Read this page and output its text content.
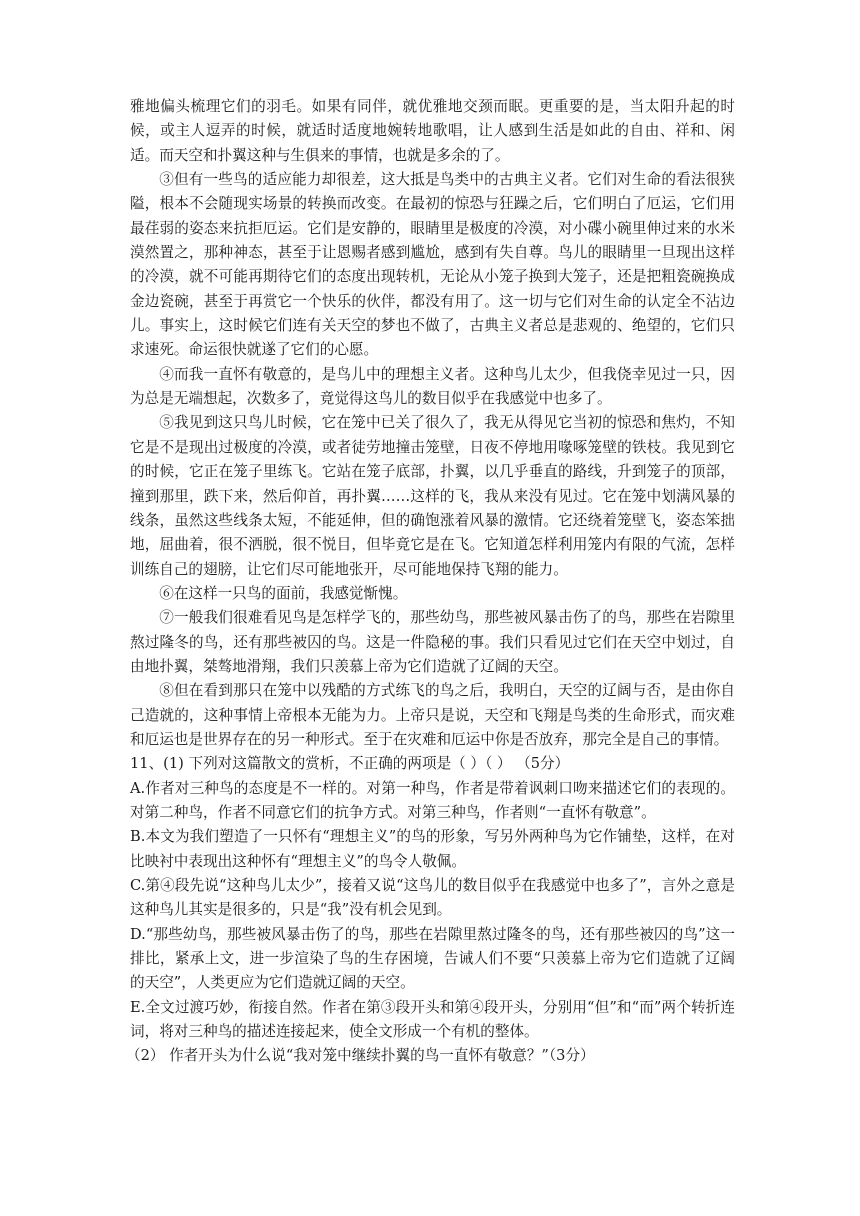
雅地偏头梳理它们的羽毛。如果有同伴，就优雅地交颈而眠。更重要的是，当太阳升起的时候，或主人逗弄的时候，就适时适度地婉转地歌唱，让人感到生活是如此的自由、祥和、闲适。而天空和扑翼这种与生俱来的事情，也就是多余的了。

③但有一些鸟的适应能力却很差，这大抵是鸟类中的古典主义者。它们对生命的看法很狭隘，根本不会随现实场景的转换而改变。在最初的惊恐与狂躁之后，它们明白了厄运，它们用最荏弱的姿态来抗拒厄运。它们是安静的，眼睛里是极度的冷漠，对小碟小碗里伸过来的水米漠然置之，那种神态，甚至于让恩赐者感到尴尬，感到有失自尊。鸟儿的眼睛里一旦现出这样的冷漠，就不可能再期待它们的态度出现转机，无论从小笼子换到大笼子，还是把粗瓷碗换成金边瓷碗，甚至于再赏它一个快乐的伙伴，都没有用了。这一切与它们对生命的认定全不沾边儿。事实上，这时候它们连有关天空的梦也不做了，古典主义者总是悲观的、绝望的，它们只求速死。命运很快就遂了它们的心愿。

④而我一直怀有敬意的，是鸟儿中的理想主义者。这种鸟儿太少，但我侥幸见过一只，因为总是无端想起，次数多了，竟觉得这鸟儿的数目似乎在我感觉中也多了。

⑤我见到这只鸟儿时候，它在笼中已关了很久了，我无从得见它当初的惊恐和焦灼，不知它是不是现出过极度的冷漠，或者徒劳地撞击笼壁，日夜不停地用喙啄笼壁的铁枝。我见到它的时候，它正在笼子里练飞。它站在笼子底部，扑翼，以几乎垂直的路线，升到笼子的顶部，撞到那里，跌下来，然后仰首，再扑翼……这样的飞，我从来没有见过。它在笼中划满风暴的线条，虽然这些线条太短，不能延伸，但的确饱涨着风暴的激情。它还绕着笼壁飞，姿态笨拙地，屈曲着，很不洒脱，很不悦目，但毕竟它是在飞。它知道怎样利用笼内有限的气流，怎样训练自己的翅膀，让它们尽可能地张开，尽可能地保持飞翔的能力。

⑥在这样一只鸟的面前，我感觉惭愧。

⑦一般我们很难看见鸟是怎样学飞的，那些幼鸟，那些被风暴击伤了的鸟，那些在岩隙里熬过隆冬的鸟，还有那些被囚的鸟。这是一件隐秘的事。我们只看见过它们在天空中划过，自由地扑翼，桀骜地滑翔，我们只羡慕上帝为它们造就了辽阔的天空。

⑧但在看到那只在笼中以残酷的方式练飞的鸟之后，我明白，天空的辽阔与否，是由你自己造就的，这种事情上帝根本无能为力。上帝只是说，天空和飞翔是鸟类的生命形式，而灾难和厄运也是世界存在的另一种形式。至于在灾难和厄运中你是否放弃，那完全是自己的事情。

11、(1) 下列对这篇散文的赏析，不正确的两项是（ ）（ ） （5分）

A.作者对三种鸟的态度是不一样的。对第一种鸟，作者是带着讽刺口吻来描述它们的表现的。对第二种鸟，作者不同意它们的抗争方式。对第三种鸟，作者则“一直怀有敬意”。

B.本文为我们塑造了一只怀有“理想主义”的鸟的形象，写另外两种鸟为它作铺垫，这样，在对比映衬中表现出这种怀有“理想主义”的鸟令人敬佩。

C.第④段先说“这种鸟儿太少”，接着又说“这鸟儿的数目似乎在我感觉中也多了”，言外之意是这种鸟儿其实是很多的，只是“我”没有机会见到。

D.“那些幼鸟，那些被风暴击伤了的鸟，那些在岩隙里熬过隆冬的鸟，还有那些被囚的鸟”这一排比，紧承上文，进一步渲染了鸟的生存困境，告诫人们不要“只羡慕上帝为它们造就了辽阔的天空”，人类更应为它们造就辽阔的天空。

E.全文过渡巧妙，衔接自然。作者在第③段开头和第④段开头，分别用“但”和“而”两个转折连词，将对三种鸟的描述连接起来，使全文形成一个有机的整体。

（2） 作者开头为什么说“我对笼中继续扑翼的鸟一直怀有敬意？”（3分）
